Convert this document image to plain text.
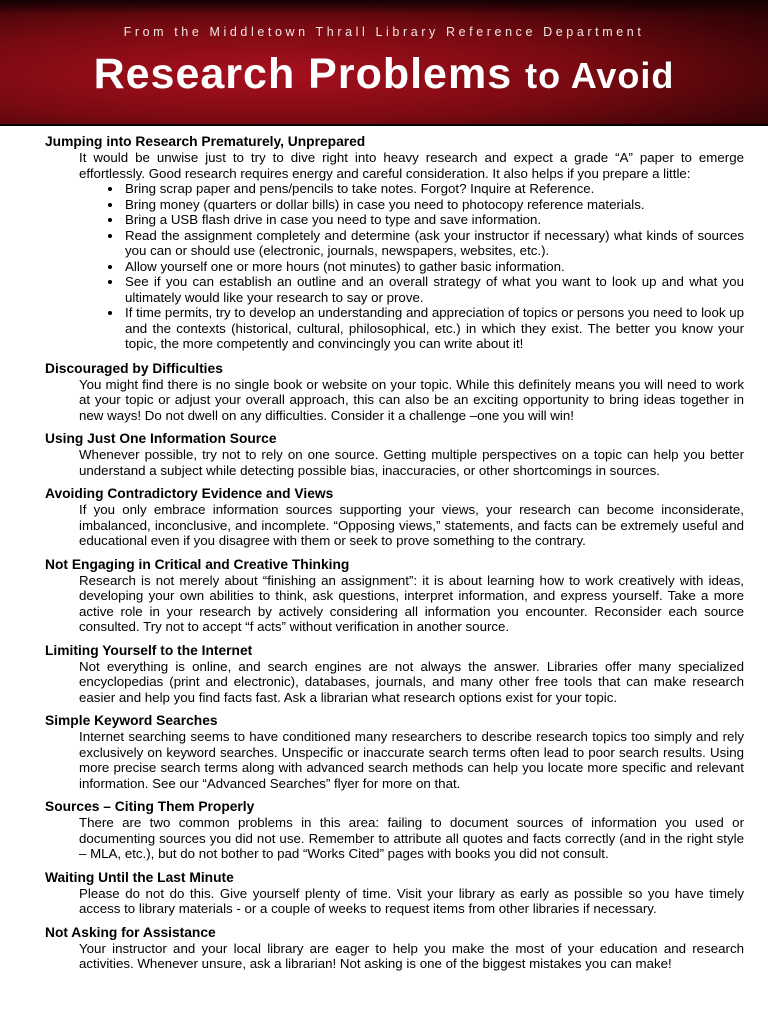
From the Middletown Thrall Library Reference Department
Research Problems to Avoid
Jumping into Research Prematurely, Unprepared

It would be unwise just to try to dive right into heavy research and expect a grade “A” paper to emerge effortlessly. Good research requires energy and careful consideration. It also helps if you prepare a little:

• Bring scrap paper and pens/pencils to take notes. Forgot? Inquire at Reference.
• Bring money (quarters or dollar bills) in case you need to photocopy reference materials.
• Bring a USB flash drive in case you need to type and save information.
• Read the assignment completely and determine (ask your instructor if necessary) what kinds of sources you can or should use (electronic, journals, newspapers, websites, etc.).
• Allow yourself one or more hours (not minutes) to gather basic information.
• See if you can establish an outline and an overall strategy of what you want to look up and what you ultimately would like your research to say or prove.
• If time permits, try to develop an understanding and appreciation of topics or persons you need to look up and the contexts (historical, cultural, philosophical, etc.) in which they exist. The better you know your topic, the more competently and convincingly you can write about it!
Discouraged by Difficulties

You might find there is no single book or website on your topic. While this definitely means you will need to work at your topic or adjust your overall approach, this can also be an exciting opportunity to bring ideas together in new ways! Do not dwell on any difficulties. Consider it a challenge –one you will win!

Using Just One Information Source

Whenever possible, try not to rely on one source. Getting multiple perspectives on a topic can help you better understand a subject while detecting possible bias, inaccuracies, or other shortcomings in sources.

Avoiding Contradictory Evidence and Views

If you only embrace information sources supporting your views, your research can become inconsiderate, imbalanced, inconclusive, and incomplete. “Opposing views,” statements, and facts can be extremely useful and educational even if you disagree with them or seek to prove something to the contrary.

Not Engaging in Critical and Creative Thinking

Research is not merely about “finishing an assignment”: it is about learning how to work creatively with ideas, developing your own abilities to think, ask questions, interpret information, and express yourself. Take a more active role in your research by actively considering all information you encounter. Reconsider each source consulted. Try not to accept “f acts” without verification in another source.

Limiting Yourself to the Internet

Not everything is online, and search engines are not always the answer. Libraries offer many specialized encyclopedias (print and electronic), databases, journals, and many other free tools that can make research easier and help you find facts fast. Ask a librarian what research options exist for your topic.

Simple Keyword Searches

Internet searching seems to have conditioned many researchers to describe research topics too simply and rely exclusively on keyword searches. Unspecific or inaccurate search terms often lead to poor search results. Using more precise search terms along with advanced search methods can help you locate more specific and relevant information. See our “Advanced Searches” flyer for more on that.

Sources – Citing Them Properly

There are two common problems in this area: failing to document sources of information you used or documenting sources you did not use. Remember to attribute all quotes and facts correctly (and in the right style – MLA, etc.), but do not bother to pad “Works Cited” pages with books you did not consult.

Waiting Until the Last Minute

Please do not do this. Give yourself plenty of time. Visit your library as early as possible so you have timely access to library materials - or a couple of weeks to request items from other libraries if necessary.

Not Asking for Assistance

Your instructor and your local library are eager to help you make the most of your education and research activities. Whenever unsure, ask a librarian! Not asking is one of the biggest mistakes you can make!
